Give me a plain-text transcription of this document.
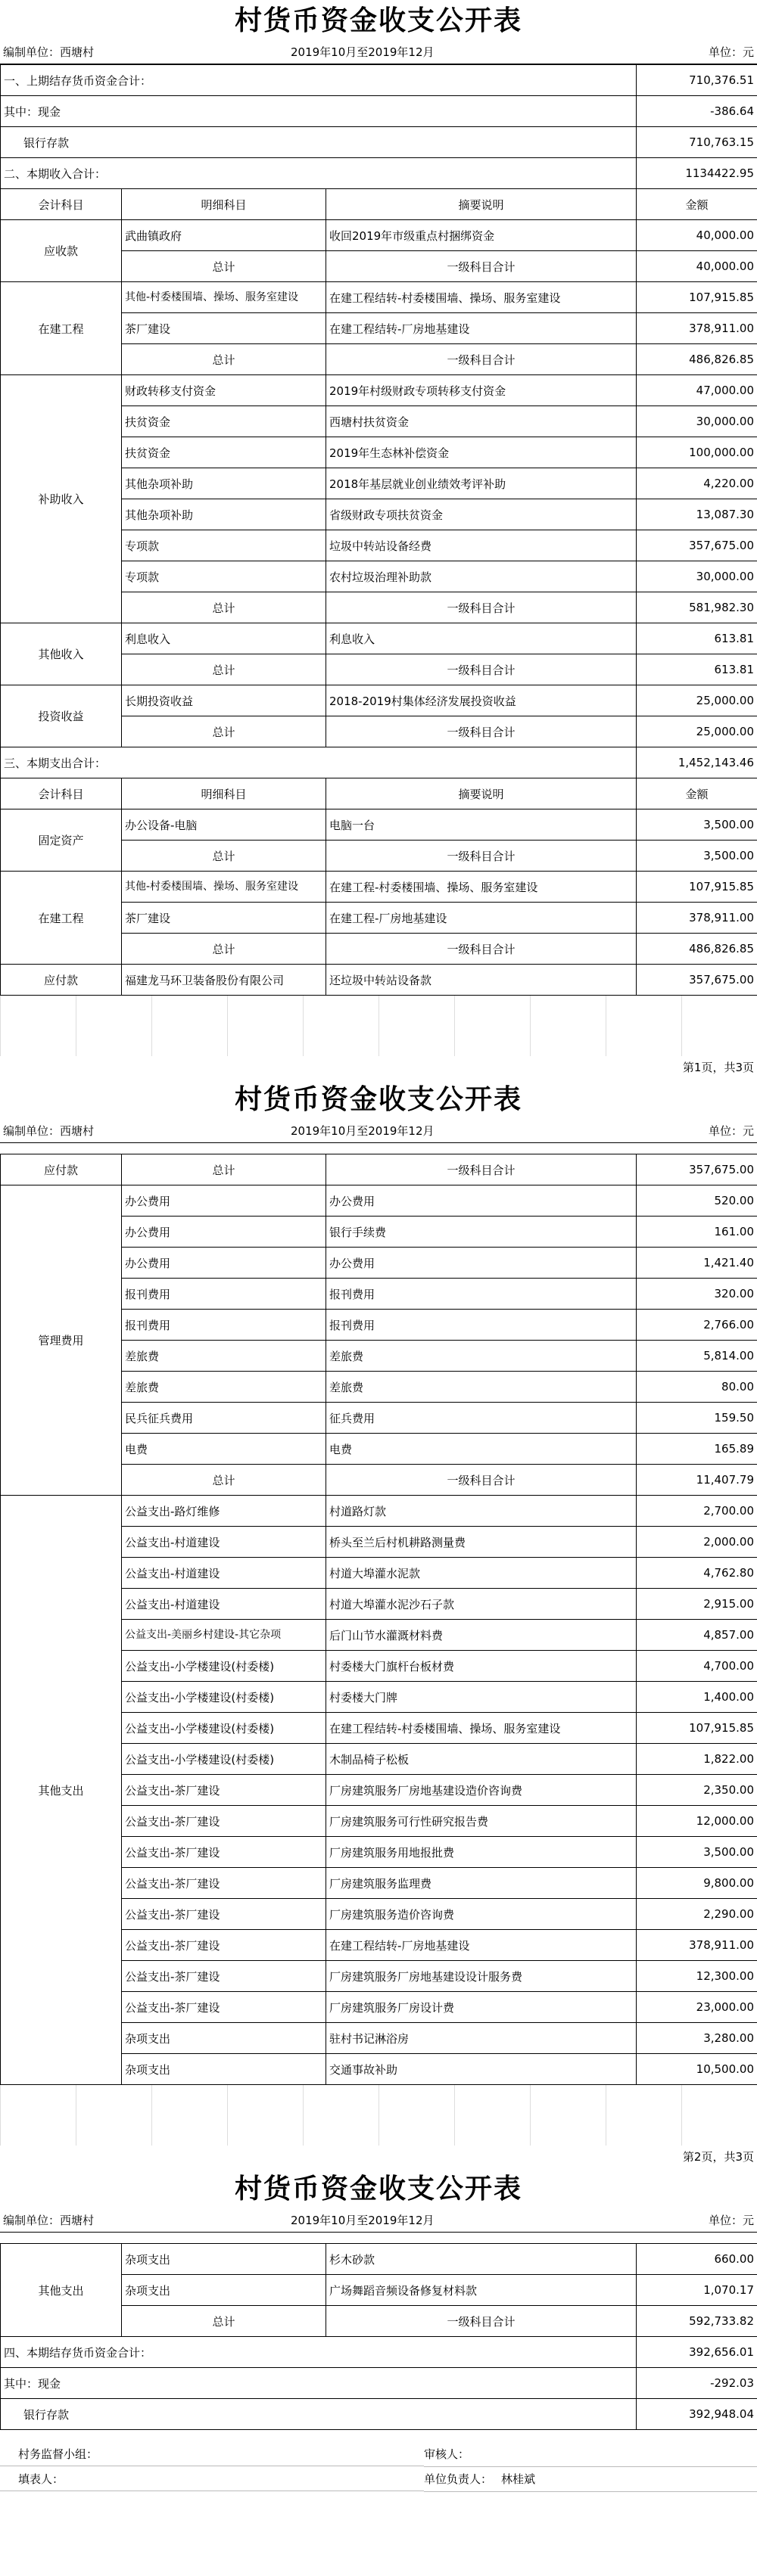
村货币资金收支公开表
编制单位：西塘村	2019年10月至2019年12月	单位：元
一、上期结存货币资金合计：			710,376.51
其中：现金			-386.64
银行存款			710,763.15
二、本期收入合计：			1134422.95
会计科目	明细科目	摘要说明	金额
应收款	武曲镇政府	收回2019年市级重点村捆绑资金	40,000.00
	总计	一级科目合计	40,000.00
在建工程	其他-村委楼围墙、操场、服务室建设	在建工程结转-村委楼围墙、操场、服务室建设	107,915.85
	茶厂建设	在建工程结转-厂房地基建设	378,911.00
	总计	一级科目合计	486,826.85
补助收入	财政转移支付资金	2019年村级财政专项转移支付资金	47,000.00
	扶贫资金	西塘村扶贫资金	30,000.00
	扶贫资金	2019年生态林补偿资金	100,000.00
	其他杂项补助	2018年基层就业创业绩效考评补助	4,220.00
	其他杂项补助	省级财政专项扶贫资金	13,087.30
	专项款	垃圾中转站设备经费	357,675.00
	专项款	农村垃圾治理补助款	30,000.00
	总计	一级科目合计	581,982.30
其他收入	利息收入	利息收入	613.81
	总计	一级科目合计	613.81
投资收益	长期投资收益	2018-2019村集体经济发展投资收益	25,000.00
	总计	一级科目合计	25,000.00
三、本期支出合计：			1,452,143.46
会计科目	明细科目	摘要说明	金额
固定资产	办公设备-电脑	电脑一台	3,500.00
	总计	一级科目合计	3,500.00
在建工程	其他-村委楼围墙、操场、服务室建设	在建工程-村委楼围墙、操场、服务室建设	107,915.85
	茶厂建设	在建工程-厂房地基建设	378,911.00
	总计	一级科目合计	486,826.85
应付款	福建龙马环卫装备股份有限公司	还垃圾中转站设备款	357,675.00
第1页，共3页
村货币资金收支公开表
编制单位：西塘村	2019年10月至2019年12月	单位：元
应付款	总计	一级科目合计	357,675.00
管理费用	办公费用	办公费用	520.00
	办公费用	银行手续费	161.00
	办公费用	办公费用	1,421.40
	报刊费用	报刊费用	320.00
	报刊费用	报刊费用	2,766.00
	差旅费	差旅费	5,814.00
	差旅费	差旅费	80.00
	民兵征兵费用	征兵费用	159.50
	电费	电费	165.89
	总计	一级科目合计	11,407.79
其他支出	公益支出-路灯维修	村道路灯款	2,700.00
	公益支出-村道建设	桥头至兰后村机耕路测量费	2,000.00
	公益支出-村道建设	村道大埠灌水泥款	4,762.80
	公益支出-村道建设	村道大埠灌水泥沙石子款	2,915.00
	公益支出-美丽乡村建设-其它杂项	后门山节水灌溉材料费	4,857.00
	公益支出-小学楼建设(村委楼)	村委楼大门旗杆台板材费	4,700.00
	公益支出-小学楼建设(村委楼)	村委楼大门牌	1,400.00
	公益支出-小学楼建设(村委楼)	在建工程结转-村委楼围墙、操场、服务室建设	107,915.85
	公益支出-小学楼建设(村委楼)	木制品椅子松板	1,822.00
	公益支出-茶厂建设	厂房建筑服务厂房地基建设造价咨询费	2,350.00
	公益支出-茶厂建设	厂房建筑服务可行性研究报告费	12,000.00
	公益支出-茶厂建设	厂房建筑服务用地报批费	3,500.00
	公益支出-茶厂建设	厂房建筑服务监理费	9,800.00
	公益支出-茶厂建设	厂房建筑服务造价咨询费	2,290.00
	公益支出-茶厂建设	在建工程结转-厂房地基建设	378,911.00
	公益支出-茶厂建设	厂房建筑服务厂房地基建设设计服务费	12,300.00
	公益支出-茶厂建设	厂房建筑服务厂房设计费	23,000.00
	杂项支出	驻村书记淋浴房	3,280.00
	杂项支出	交通事故补助	10,500.00
第2页，共3页
村货币资金收支公开表
编制单位：西塘村	2019年10月至2019年12月	单位：元
其他支出	杂项支出	杉木砂款	660.00
	杂项支出	广场舞蹈音频设备修复材料款	1,070.17
	总计	一级科目合计	592,733.82
四、本期结存货币资金合计：			392,656.01
其中：现金			-292.03
银行存款			392,948.04
村务监督小组：	审核人：
填表人：	单位负责人： 林桂斌
